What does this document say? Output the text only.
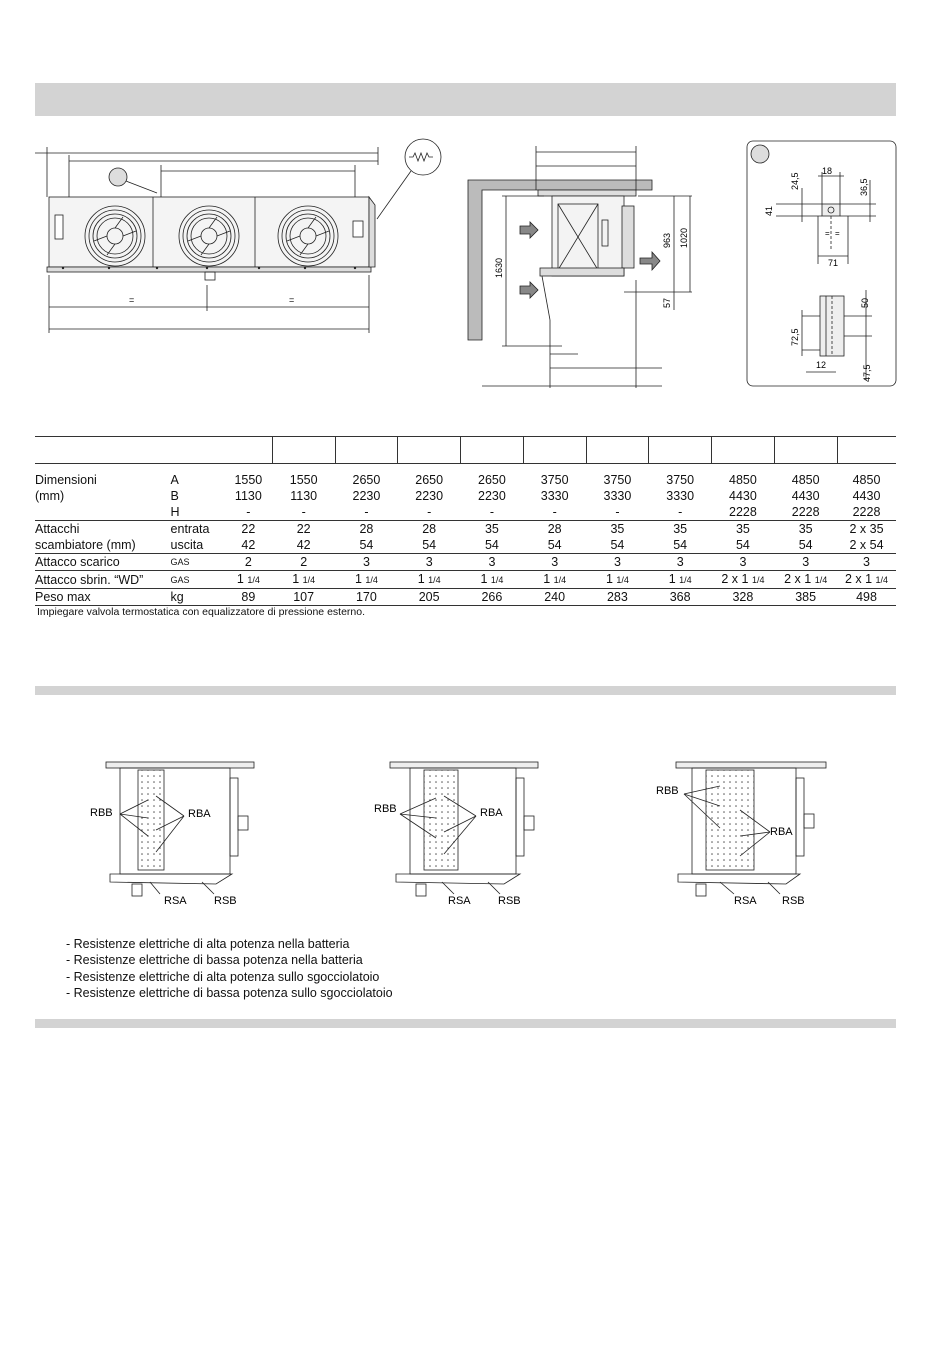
=	=
1630
963 1020
57
24,5
18
36,5
41
71
= =
50
72,5
12	47,5

Dimensioni	A	1550	1550	2650	2650	2650	3750	3750	3750	4850	4850	4850
(mm)	B	1130	1130	2230	2230	2230	3330	3330	3330	4430	4430	4430
	H	-	-	-	-	-	-	-	-	2228	2228	2228
Attacchi	entrata	22	22	28	28	35	28	35	35	35	35	2 x 35
scambiatore (mm)	uscita	42	42	54	54	54	54	54	54	54	54	2 x 54
Attacco scarico	GAS	2	2	3	3	3	3	3	3	3	3	3
Attacco sbrin. “WD”	GAS	1 1/4	1 1/4	1 1/4	1 1/4	1 1/4	1 1/4	1 1/4	1 1/4	2 x 1 1/4	2 x 1 1/4	2 x 1 1/4
Peso max	kg	89	107	170	205	266	240	283	368	328	385	498
Impiegare valvola termostatica con equalizzatore di pressione esterno.
RBB	RBA
RSA RSB
RBB	RBA
RSA RSB
RBB
RBA
RSA RSB
- Resistenze elettriche di alta potenza nella batteria
- Resistenze elettriche di bassa potenza nella batteria
- Resistenze elettriche di alta potenza sullo sgocciolatoio
- Resistenze elettriche di bassa potenza sullo sgocciolatoio
